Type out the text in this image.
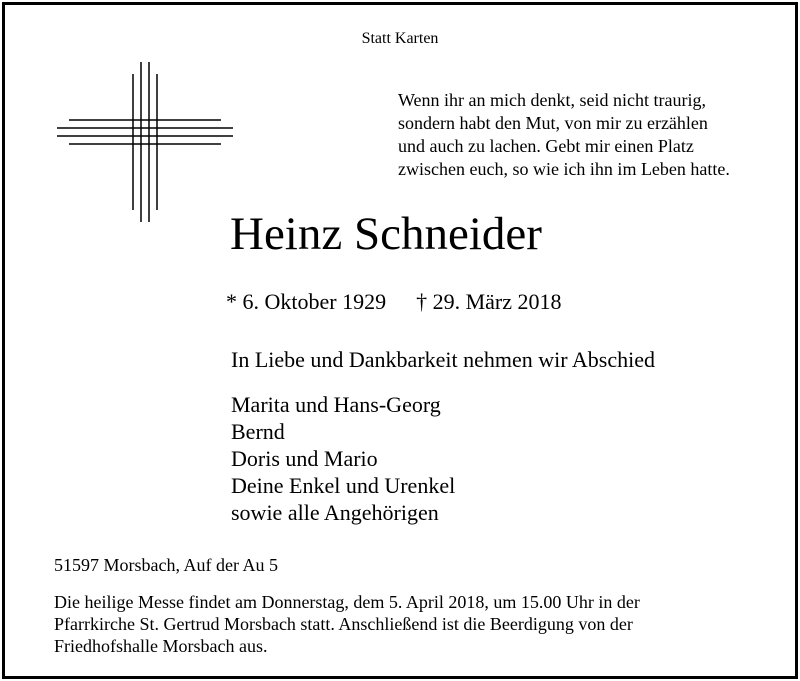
Statt Karten
Wenn ihr an mich denkt, seid nicht traurig,
sondern habt den Mut, von mir zu erzählen
und auch zu lachen. Gebt mir einen Platz
zwischen euch, so wie ich ihn im Leben hatte.
Heinz Schneider
* 6. Oktober 1929 † 29. März 2018
In Liebe und Dankbarkeit nehmen wir Abschied
Marita und Hans-Georg
Bernd
Doris und Mario
Deine Enkel und Urenkel
sowie alle Angehörigen
51597 Morsbach, Auf der Au 5
Die heilige Messe findet am Donnerstag, dem 5. April 2018, um 15.00 Uhr in der
Pfarrkirche St. Gertrud Morsbach statt. Anschließend ist die Beerdigung von der
Friedhofshalle Morsbach aus.
